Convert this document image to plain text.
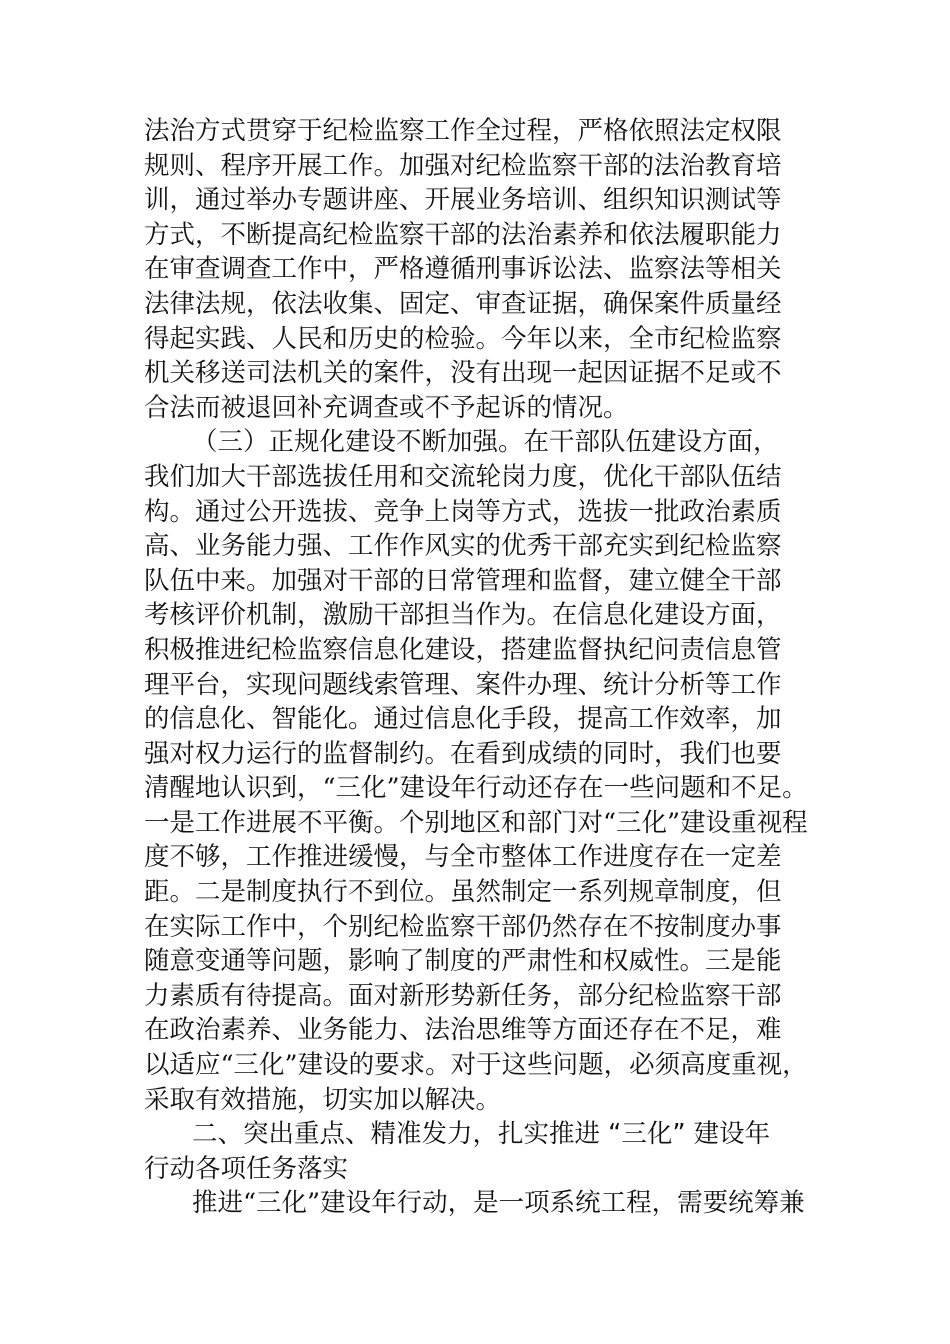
法治方式贯穿于纪检监察工作全过程，严格依照法定权限
规则、程序开展工作。加强对纪检监察干部的法治教育培
训，通过举办专题讲座、开展业务培训、组织知识测试等
方式，不断提高纪检监察干部的法治素养和依法履职能力
在审查调查工作中，严格遵循刑事诉讼法、监察法等相关
法律法规，依法收集、固定、审查证据，确保案件质量经
得起实践、人民和历史的检验。今年以来，全市纪检监察
机关移送司法机关的案件，没有出现一起因证据不足或不
合法而被退回补充调查或不予起诉的情况。
（三）正规化建设不断加强。在干部队伍建设方面，
我们加大干部选拔任用和交流轮岗力度，优化干部队伍结
构。通过公开选拔、竞争上岗等方式，选拔一批政治素质
高、业务能力强、工作作风实的优秀干部充实到纪检监察
队伍中来。加强对干部的日常管理和监督，建立健全干部
考核评价机制，激励干部担当作为。在信息化建设方面，
积极推进纪检监察信息化建设，搭建监督执纪问责信息管
理平台，实现问题线索管理、案件办理、统计分析等工作
的信息化、智能化。通过信息化手段，提高工作效率，加
强对权力运行的监督制约。在看到成绩的同时，我们也要
清醒地认识到，“三化”建设年行动还存在一些问题和不足。
一是工作进展不平衡。个别地区和部门对“三化”建设重视程
度不够，工作推进缓慢，与全市整体工作进度存在一定差
距。二是制度执行不到位。虽然制定一系列规章制度，但
在实际工作中，个别纪检监察干部仍然存在不按制度办事
随意变通等问题，影响了制度的严肃性和权威性。三是能
力素质有待提高。面对新形势新任务，部分纪检监察干部
在政治素养、业务能力、法治思维等方面还存在不足，难
以适应“三化”建设的要求。对于这些问题，必须高度重视，
采取有效措施，切实加以解决。
二、突出重点、精准发力，扎实推进 “三化” 建设年
行动各项任务落实
推进“三化”建设年行动，是一项系统工程，需要统筹兼
